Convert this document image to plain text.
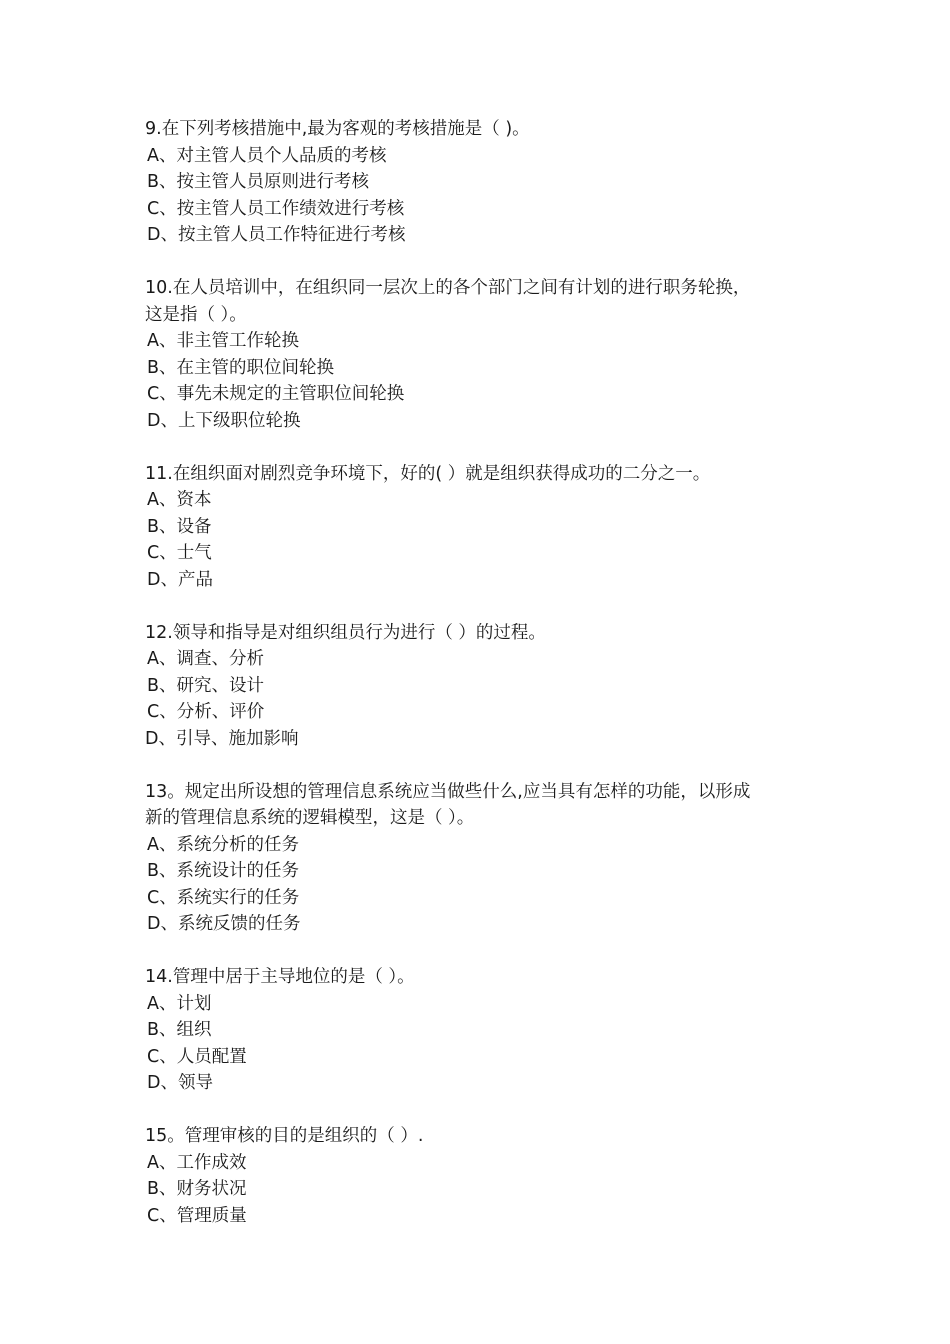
9.在下列考核措施中,最为客观的考核措施是（ )。
A、对主管人员个人品质的考核
B、按主管人员原则进行考核
C、按主管人员工作绩效进行考核
D、按主管人员工作特征进行考核
10.在人员培训中，在组织同一层次上的各个部门之间有计划的进行职务轮换，
这是指（ ）。
A、非主管工作轮换
B、在主管的职位间轮换
C、事先未规定的主管职位间轮换
D、上下级职位轮换
11.在组织面对剧烈竞争环境下，好的( ）就是组织获得成功的二分之一。
A、资本
B、设备
C、士气
D、产品
12.领导和指导是对组织组员行为进行（ ）的过程。
A、调查、分析
B、研究、设计
C、分析、评价
D、引导、施加影响
13。规定出所设想的管理信息系统应当做些什么,应当具有怎样的功能，以形成
新的管理信息系统的逻辑模型，这是（ ）。
A、系统分析的任务
B、系统设计的任务
C、系统实行的任务
D、系统反馈的任务
14.管理中居于主导地位的是（ ）。
A、计划
B、组织
C、人员配置
D、领导
15。管理审核的目的是组织的（ ）.
A、工作成效
B、财务状况
C、管理质量
